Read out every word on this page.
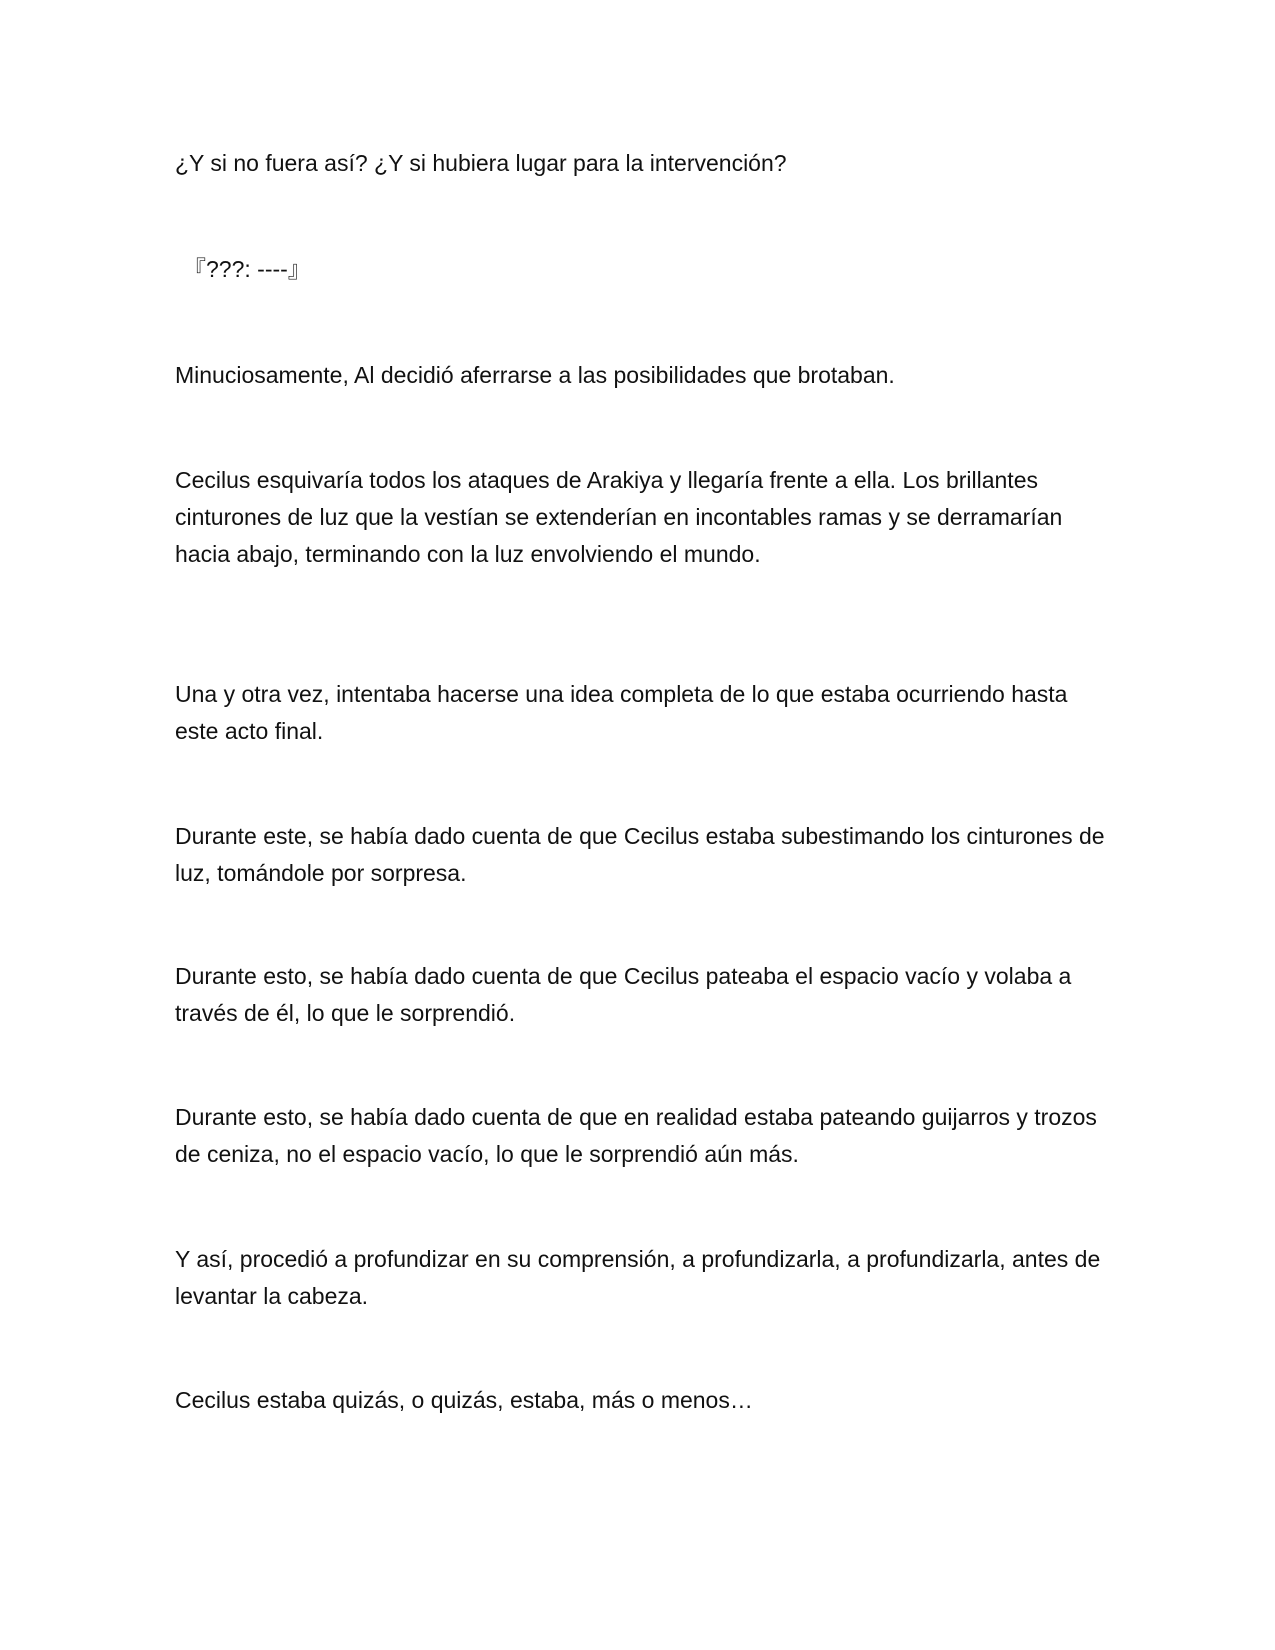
¿Y si no fuera así? ¿Y si hubiera lugar para la intervención?

『???: ----』

Minuciosamente, Al decidió aferrarse a las posibilidades que brotaban.

Cecilus esquivaría todos los ataques de Arakiya y llegaría frente a ella. Los brillantes cinturones de luz que la vestían se extenderían en incontables ramas y se derramarían hacia abajo, terminando con la luz envolviendo el mundo.

Una y otra vez, intentaba hacerse una idea completa de lo que estaba ocurriendo hasta este acto final.

Durante este, se había dado cuenta de que Cecilus estaba subestimando los cinturones de luz, tomándole por sorpresa.

Durante esto, se había dado cuenta de que Cecilus pateaba el espacio vacío y volaba a través de él, lo que le sorprendió.

Durante esto, se había dado cuenta de que en realidad estaba pateando guijarros y trozos de ceniza, no el espacio vacío, lo que le sorprendió aún más.

Y así, procedió a profundizar en su comprensión, a profundizarla, a profundizarla, antes de levantar la cabeza.

Cecilus estaba quizás, o quizás, estaba, más o menos…
